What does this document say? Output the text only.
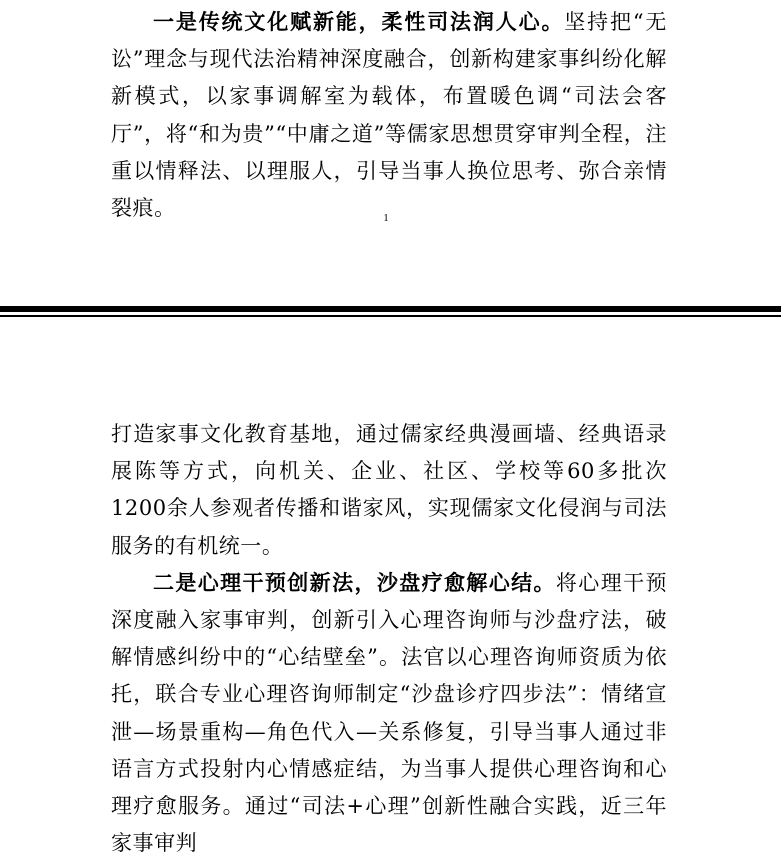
一是传统文化赋新能，柔性司法润人心。坚持把“无讼”理念与现代法治精神深度融合，创新构建家事纠纷化解新模式，以家事调解室为载体，布置暖色调“司法会客厅”，将“和为贵”“中庸之道”等儒家思想贯穿审判全程，注重以情释法、以理服人，引导当事人换位思考、弥合亲情裂痕。	1

打造家事文化教育基地，通过儒家经典漫画墙、经典语录展陈等方式，向机关、企业、社区、学校等60多批次1200余人参观者传播和谐家风，实现儒家文化侵润与司法服务的有机统一。

二是心理干预创新法，沙盘疗愈解心结。将心理干预深度融入家事审判，创新引入心理咨询师与沙盘疗法，破解情感纠纷中的“心结壁垒”。法官以心理咨询师资质为依托，联合专业心理咨询师制定“沙盘诊疗四步法”：情绪宣泄—场景重构—角色代入—关系修复，引导当事人通过非语言方式投射内心情感症结，为当事人提供心理咨询和心理疗愈服务。通过“司法+心理”创新性融合实践，近三年家事审判
